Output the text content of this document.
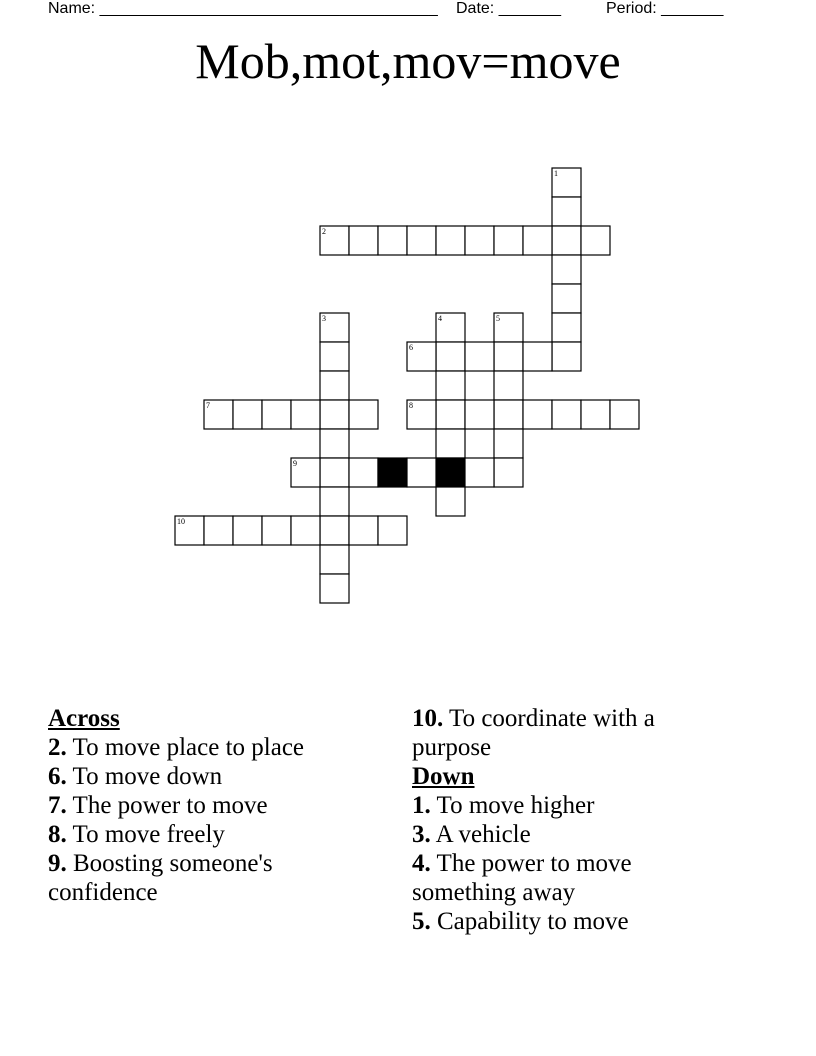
Name: ______________________________________ Date: _______	Period: _______
Mob,mot,mov=move
1
2
3	4	5
6
7	8
9
10
Across
2. To move place to place
6. To move down
7. The power to move
8. To move freely
9. Boosting someone's confidence
10. To coordinate with a purpose
Down
1. To move higher
3. A vehicle
4. The power to move something away
5. Capability to move
